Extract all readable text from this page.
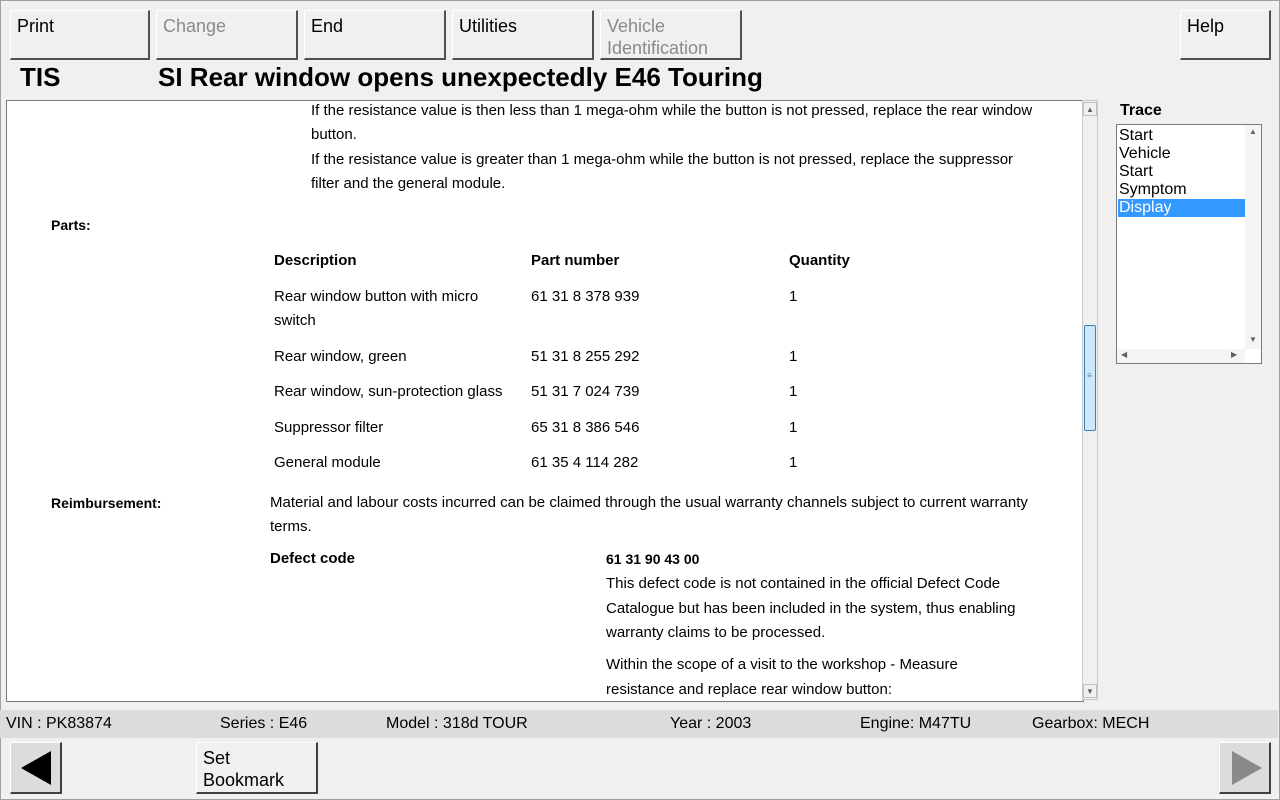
Print	Change	End	Utilities	Vehicle
Identification
Help
TIS	SI Rear window opens unexpectedly E46 Touring
If the resistance value is then less than 1 mega-ohm while the button is not pressed, replace the rear window
button.
If the resistance value is greater than 1 mega-ohm while the button is not pressed, replace the suppressor
filter and the general module.
Parts:
Description	Part number	Quantity
Rear window button with micro
switch
61 31 8 378 939	1
Rear window, green	51 31 8 255 292	1
Rear window, sun-protection glass 51 31 7 024 739	1
Suppressor filter	65 31 8 386 546	1
General module	61 35 4 114 282	1
Reimbursement:	Material and labour costs incurred can be claimed through the usual warranty channels subject to current warranty
terms.
Defect code	61 31 90 43 00
This defect code is not contained in the official Defect Code
Catalogue but has been included in the system, thus enabling
warranty claims to be processed.
Within the scope of a visit to the workshop - Measure
resistance and replace rear window button:
▲
≡
▼
Trace
Start
Vehicle
Start
Symptom
Display
▲
▼
◀	▶
VIN : PK83874	Series : E46	Model : 318d TOUR	Year : 2003	Engine: M47TU	Gearbox: MECH
Set
Bookmark
